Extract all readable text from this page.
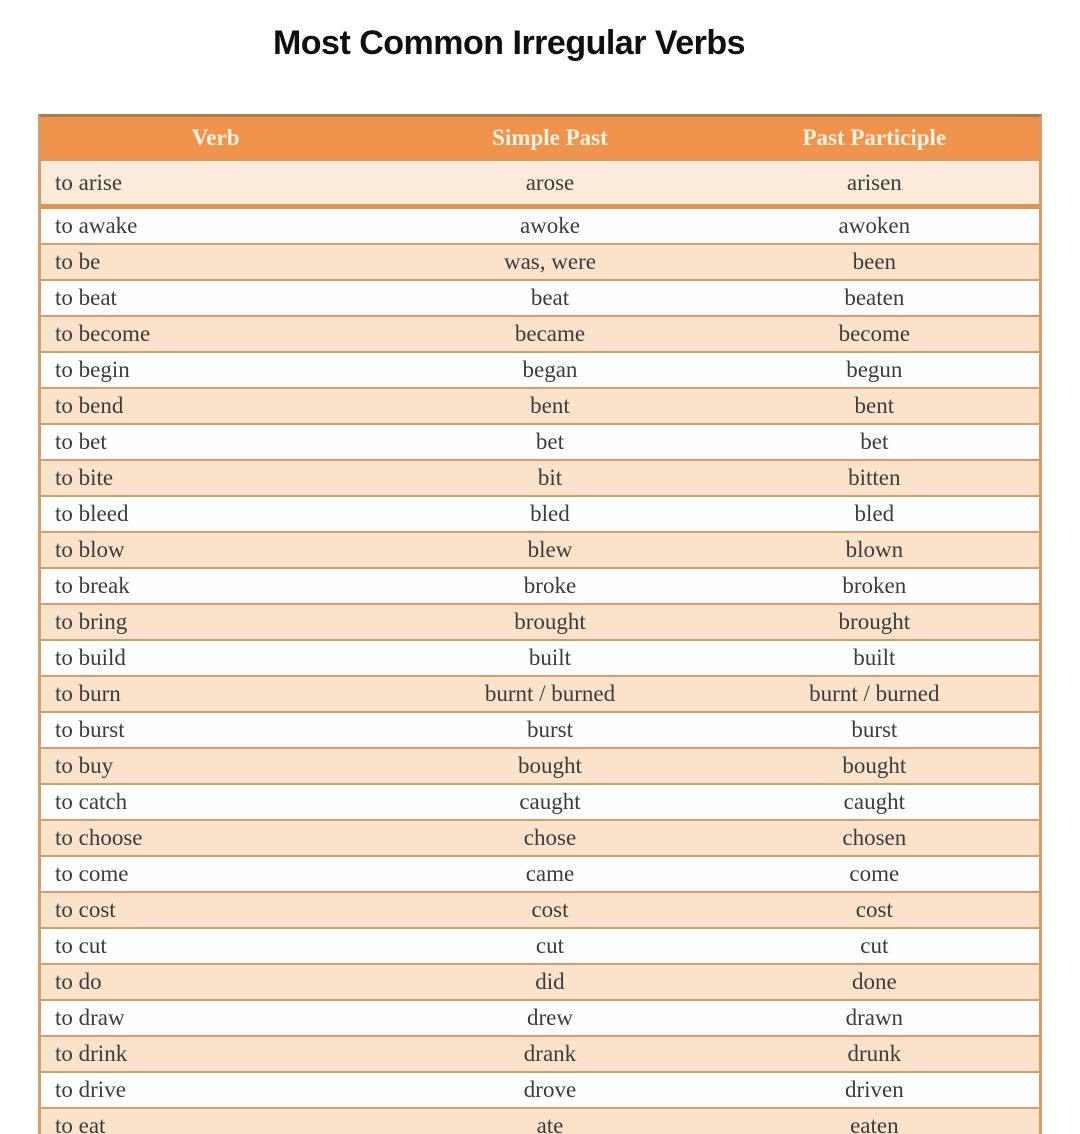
Most Common Irregular Verbs
Verb	Simple Past	Past Participle
to arise	arose	arisen
to awake	awoke	awoken
to be	was, were	been
to beat	beat	beaten
to become	became	become
to begin	began	begun
to bend	bent	bent
to bet	bet	bet
to bite	bit	bitten
to bleed	bled	bled
to blow	blew	blown
to break	broke	broken
to bring	brought	brought
to build	built	built
to burn	burnt / burned	burnt / burned
to burst	burst	burst
to buy	bought	bought
to catch	caught	caught
to choose	chose	chosen
to come	came	come
to cost	cost	cost
to cut	cut	cut
to do	did	done
to draw	drew	drawn
to drink	drank	drunk
to drive	drove	driven
to eat	ate	eaten
